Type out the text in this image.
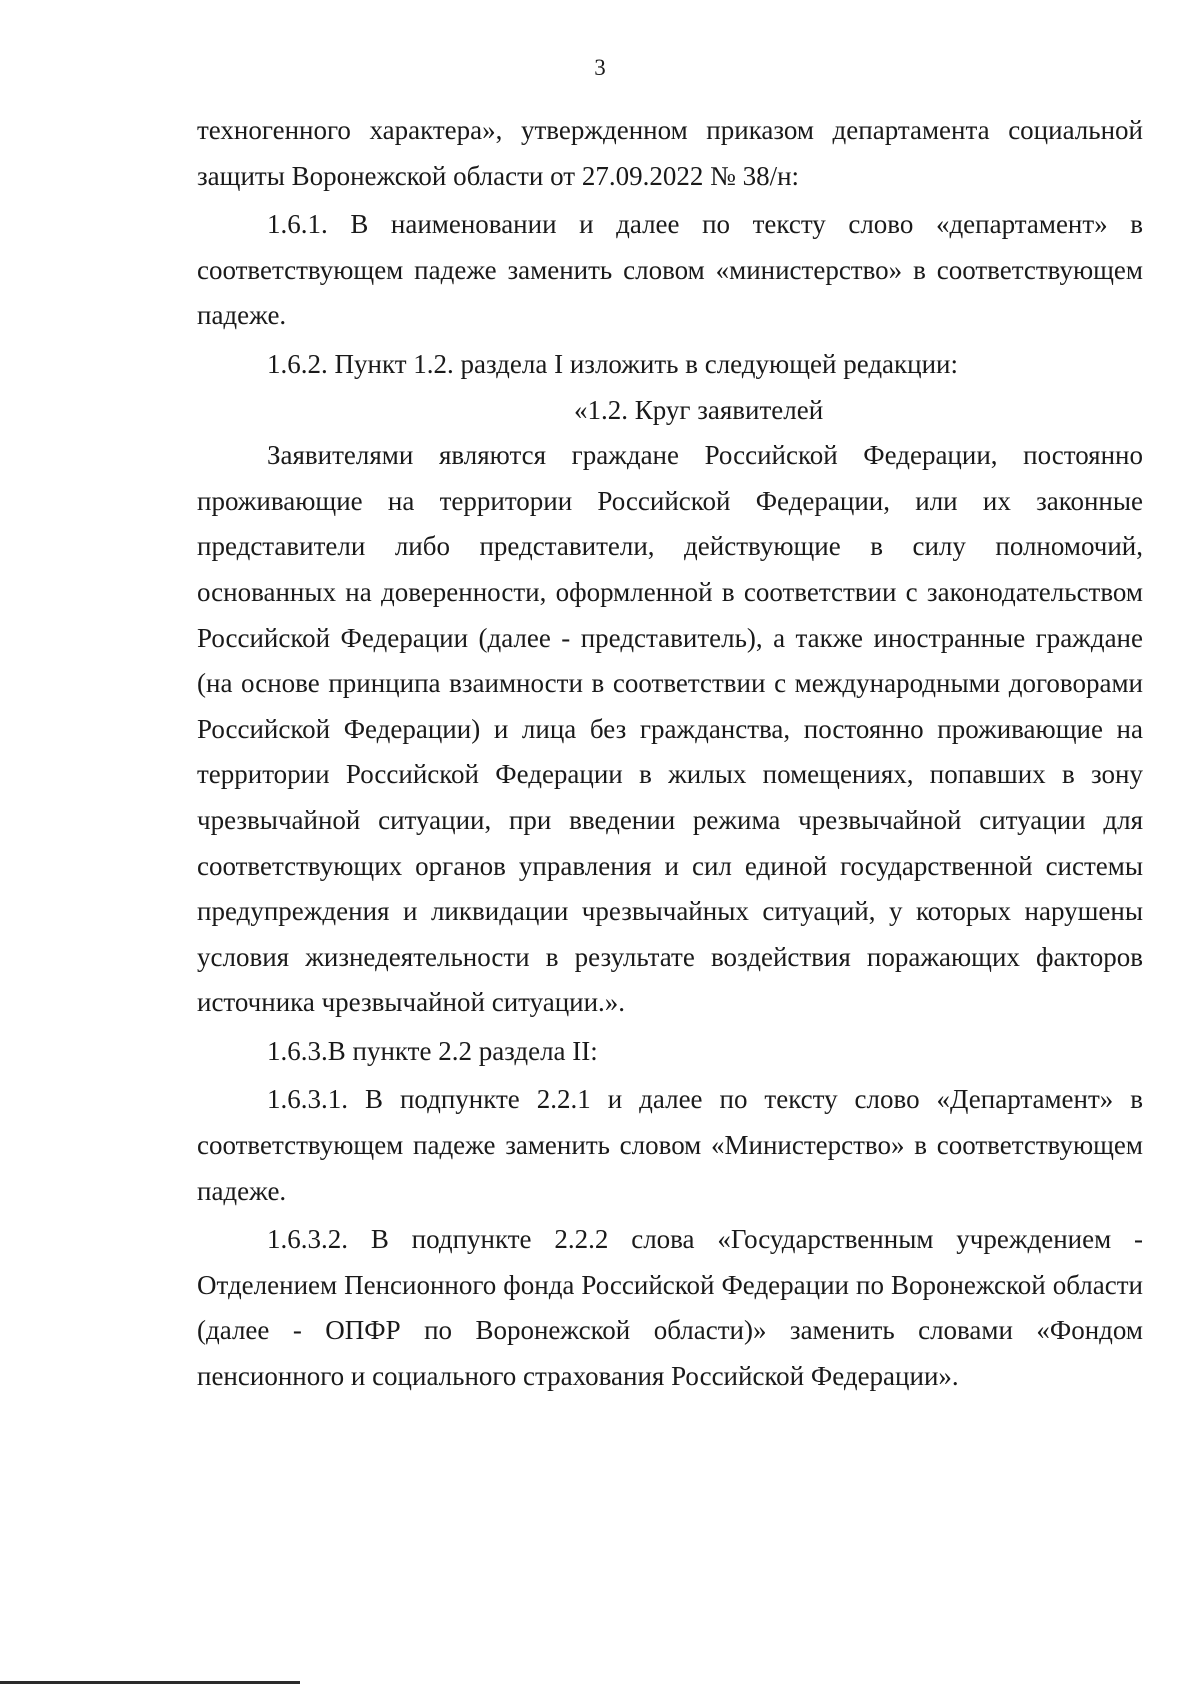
3

техногенного характера», утвержденном приказом департамента социальной защиты Воронежской области от 27.09.2022 № 38/н:

1.6.1. В наименовании и далее по тексту слово «департамент» в соответствующем падеже заменить словом «министерство» в соответствующем падеже.

1.6.2. Пункт 1.2. раздела I изложить в следующей редакции:

«1.2. Круг заявителей

Заявителями являются граждане Российской Федерации, постоянно проживающие на территории Российской Федерации, или их законные представители либо представители, действующие в силу полномочий, основанных на доверенности, оформленной в соответствии с законодательством Российской Федерации (далее - представитель), а также иностранные граждане (на основе принципа взаимности в соответствии с международными договорами Российской Федерации) и лица без гражданства, постоянно проживающие на территории Российской Федерации в жилых помещениях, попавших в зону чрезвычайной ситуации, при введении режима чрезвычайной ситуации для соответствующих органов управления и сил единой государственной системы предупреждения и ликвидации чрезвычайных ситуаций, у которых нарушены условия жизнедеятельности в результате воздействия поражающих факторов источника чрезвычайной ситуации.».

1.6.3.В пункте 2.2 раздела II:

1.6.3.1. В подпункте 2.2.1 и далее по тексту слово «Департамент» в соответствующем падеже заменить словом «Министерство» в соответствующем падеже.

1.6.3.2. В подпункте 2.2.2 слова «Государственным учреждением - Отделением Пенсионного фонда Российской Федерации по Воронежской области (далее - ОПФР по Воронежской области)» заменить словами «Фондом пенсионного и социального страхования Российской Федерации».
